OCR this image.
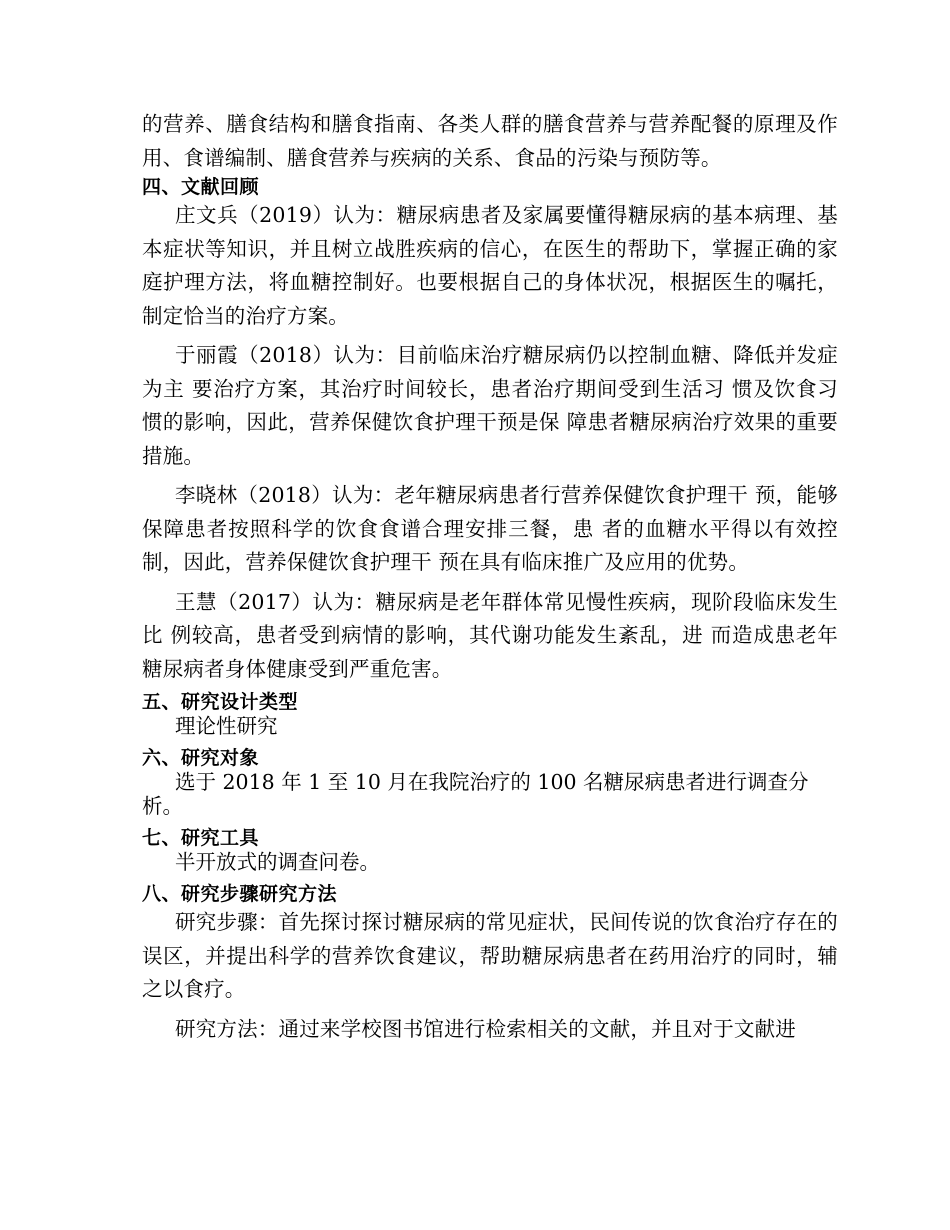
的营养、膳食结构和膳食指南、各类人群的膳食营养与营养配餐的原理及作用、食谱编制、膳食营养与疾病的关系、食品的污染与预防等。

四、文献回顾

庄文兵（2019）认为：糖尿病患者及家属要懂得糖尿病的基本病理、基本症状等知识，并且树立战胜疾病的信心，在医生的帮助下，掌握正确的家庭护理方法，将血糖控制好。也要根据自己的身体状况，根据医生的嘱托，制定恰当的治疗方案。

于丽霞（2018）认为：目前临床治疗糖尿病仍以控制血糖、降低并发症为主 要治疗方案，其治疗时间较长，患者治疗期间受到生活习 惯及饮食习惯的影响，因此，营养保健饮食护理干预是保 障患者糖尿病治疗效果的重要措施。

李晓林（2018）认为：老年糖尿病患者行营养保健饮食护理干 预，能够保障患者按照科学的饮食食谱合理安排三餐，患 者的血糖水平得以有效控制，因此，营养保健饮食护理干 预在具有临床推广及应用的优势。

王慧（2017）认为：糖尿病是老年群体常见慢性疾病，现阶段临床发生比 例较高，患者受到病情的影响，其代谢功能发生紊乱，进 而造成患老年糖尿病者身体健康受到严重危害。

五、研究设计类型

理论性研究

六、研究对象

选于 2018 年 1 至 10 月在我院治疗的 100 名糖尿病患者进行调查分析。

七、研究工具

半开放式的调查问卷。

八、研究步骤研究方法

研究步骤：首先探讨探讨糖尿病的常见症状，民间传说的饮食治疗存在的误区，并提出科学的营养饮食建议，帮助糖尿病患者在药用治疗的同时，辅之以食疗。

研究方法：通过来学校图书馆进行检索相关的文献，并且对于文献进
